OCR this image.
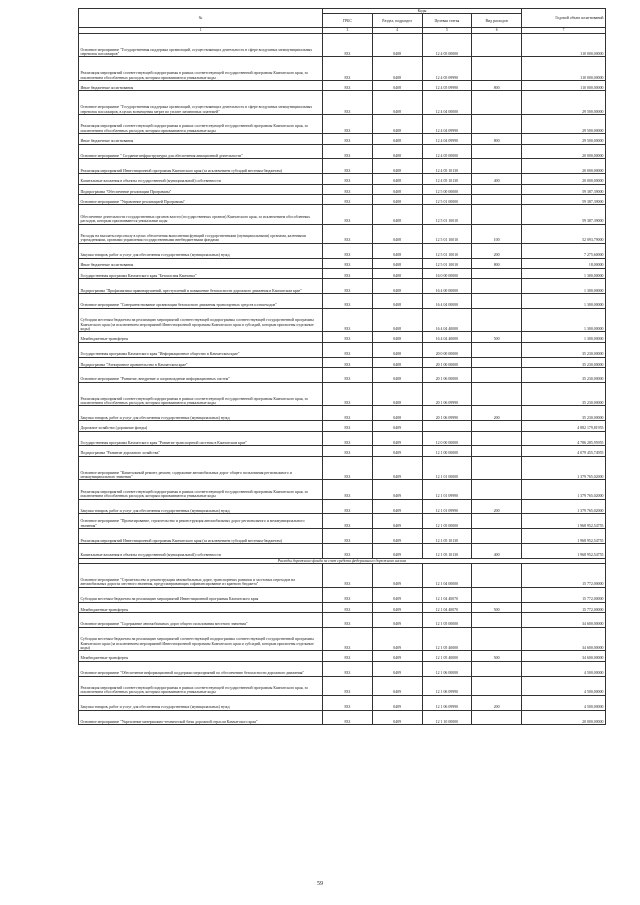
№	Коды				Годовой объем ассигнований
	ГРБС	Раздел, подраздел	Целевая статья	Вид расходов	
1	3	4	5	6	7
Основное мероприятие "Государственная поддержка организаций, осуществляющих деятельность в сфере воздушных межмуниципальных перевозок пассажиров"	833	0408	12 4 05 00000		110 000,00000
Реализация мероприятий соответствующей подпрограммы в рамках соответствующей государственной программы Камчатского края, за исключением обособленных расходов, которым присваиваются уникальные коды	833	0408	12 4 05 09990		110 000,00000
Иные бюджетные ассигнования	833	0408	12 4 05 09990	800	110 000,00000
Основное мероприятие "Государственная поддержка организаций, осуществляющих деятельность в сфере воздушных межмуниципальных перевозок пассажиров, в целях возмещения затрат по уплате лизинговых платежей"	833	0408	12 4 04 00000		29 500,00000
Реализация мероприятий соответствующей подпрограммы в рамках соответствующей государственной программы Камчатского края, за исключением обособленных расходов, которым присваиваются уникальные коды	833	0408	12 4 04 09990		29 500,00000
Иные бюджетные ассигнования	833	0408	12 4 04 09990	800	29 500,00000
Основное мероприятие " Создание инфраструктуры для обеспечения авиационной деятельности"	833	0408	12 4 05 00000		20 000,00000
Реализация мероприятий Инвестиционной программы Камчатского края (за исключением субсидий местным бюджетам)	833	0408	12 4 05 10130		20 000,00000
Капитальные вложения в объекты государственной (муниципальной) собственности	833	0408	12 4 05 10130	400	20 000,00000
Подпрограмма "Обеспечение реализации Программы"	833	0408	12 5 00 00000		59 387,39000
Основное мероприятие "Управление реализацией Программы"	833	0408	12 5 01 00000		59 387,39000
Обеспечение деятельности государственных органов власти (государственных органов) Камчатского края, за исключением обособленных расходов, которым присваиваются уникальные коды	833	0408	12 5 01 10010		59 387,39000
Расходы на выплаты персоналу в целях обеспечения выполнения функций государственными (муниципальными) органами, казенными учреждениями, органами управления государственными внебюджетными фондами	833	0408	12 5 01 10010	100	52 093,79000
Закупка товаров, работ и услуг для обеспечения государственных (муниципальных) нужд	833	0408	12 5 01 10010	200	7 275,60000
Иные бюджетные ассигнования	833	0408	12 5 01 10010	800	18,00000
Государственная программа Камчатского края "Безопасная Камчатка"	833	0408	16 0 00 00000		1 300,00000
Подпрограмма "Профилактика правонарушений, преступлений и повышение безопасности дорожного движения в Камчатском крае"	833	0408	16 4 00 00000		1 300,00000
Основное мероприятие "Совершенствование организации безопасного движения транспортных средств и пешеходов"	833	0408	16 4 04 00000		1 300,00000
Субсидии местным бюджетам на реализацию мероприятий соответствующей подпрограммы соответствующей государственной программы Камчатского края (за исключением мероприятий Инвестиционной программы Камчатского края и субсидий, которым присвоены отдельные коды)	833	0408	16 4 04 40000		1 300,00000
Межбюджетные трансферты	833	0408	16 4 04 40000	500	1 300,00000
Государственная программа Камчатского края "Информационное общество в Камчатском крае"	833	0408	20 0 00 00000		35 230,00000
Подпрограмма "Электронное правительство в Камчатском крае"	833	0408	20 1 00 00000		35 230,00000
Основное мероприятие "Развитие, внедрение и сопровождение информационных систем"	833	0408	20 1 06 00000		35 230,00000
Реализация мероприятий соответствующей подпрограммы в рамках соответствующей государственной программы Камчатского края, за исключением обособленных расходов, которым присваиваются уникальные коды	833	0408	20 1 06 09990		35 230,00000
Закупка товаров, работ и услуг для обеспечения государственных (муниципальных) нужд	833	0408	20 1 06 09990	200	35 230,00000
Дорожное хозяйство (дорожные фонды)	833	0409			4 882 179,81955
Государственная программа Камчатского края "Развитие транспортной системы в Камчатском крае"	833	0409	12 0 00 00000		4 786 285,95955
Подпрограмма "Развитие дорожного хозяйства"	833	0409	12 1 00 00000		4 079 455,74955
Основное мероприятие "Капитальный ремонт, ремонт, содержание автомобильных дорог общего пользования регионального и межмуниципального значения"	833	0409	12 1 01 00000		1 379 765,02000
Реализация мероприятий соответствующей подпрограммы в рамках соответствующей государственной программы Камчатского края, за исключением обособленных расходов, которым присваиваются уникальные коды	833	0409	12 1 01 09990		1 379 765,02000
Закупка товаров, работ и услуг для обеспечения государственных (муниципальных) нужд	833	0409	12 1 01 09990	200	1 379 765,02000
Основное мероприятие "Проектирование, строительство и реконструкция автомобильных дорог регионального и межмуниципального значения"	833	0409	12 1 05 00000		1 968 952,54755
Реализация мероприятий Инвестиционной программы Камчатского края (за исключением субсидий местным бюджетам)	833	0409	12 1 05 10130		1 968 952,54755
Капитальные вложения в объекты государственной (муниципальной) собственности	833	0409	12 1 05 10130	400	1 968 952,54755
Расходы дорожного фонда за счет средств федерального дорожного налога					
Основное мероприятие "Строительство и реконструкция автомобильных дорог, транспортных развязок и мостовых переходов на автомобильных дорогах местного значения, предусматривающих софинансирование из краевого бюджета"	833	0409	12 1 04 00000		15 772,00000
Субсидии местным бюджетам на реализацию мероприятий Инвестиционной программы Камчатского края	833	0409	12 1 04 40070		15 772,00000
Межбюджетные трансферты	833	0409	12 1 04 40070	500	15 772,00000
Основное мероприятие "Содержание автомобильных дорог общего пользования местного значения"	833	0409	12 1 05 00000		34 600,00000
Субсидии местным бюджетам на реализацию мероприятий соответствующей подпрограммы соответствующей государственной программы Камчатского края (за исключением мероприятий Инвестиционной программы Камчатского края и субсидий, которым присвоены отдельные коды)	833	0409	12 1 05 40000		34 600,00000
Межбюджетные трансферты	833	0409	12 1 05 40000	500	34 600,00000
Основное мероприятие "Обеспечение информационной поддержки мероприятий по обеспечению безопасности дорожного движения"	833	0409	12 1 06 00000		4 500,00000
Реализация мероприятий соответствующей подпрограммы в рамках соответствующей государственной программы Камчатского края, за исключением обособленных расходов, которым присваиваются уникальные коды	833	0409	12 1 06 09990		4 500,00000
Закупка товаров, работ и услуг для обеспечения государственных (муниципальных) нужд	833	0409	12 1 06 09990	200	4 500,00000
Основное мероприятие "Укрепление материально-технической базы дорожной отрасли Камчатского края"	833	0409	12 1 10 00000		20 000,00000
59
